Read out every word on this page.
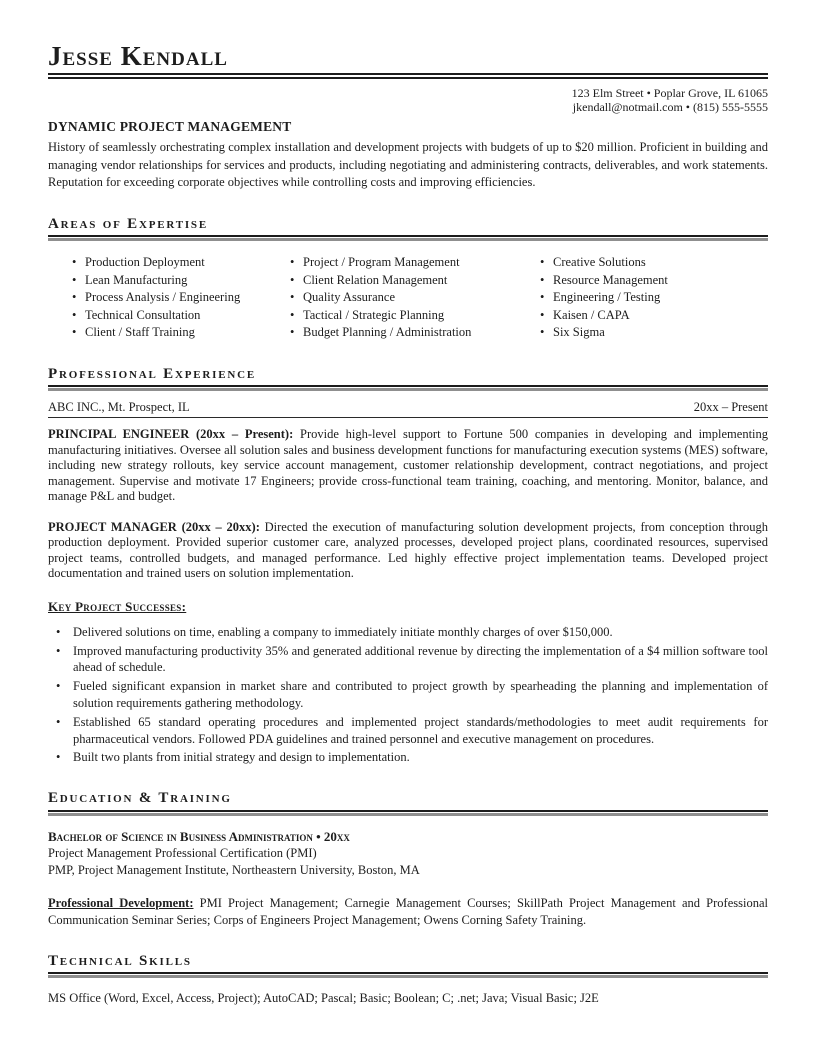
Jesse Kendall
123 Elm Street • Poplar Grove, IL 61065
jkendall@notmail.com • (815) 555-5555
DYNAMIC PROJECT MANAGEMENT

History of seamlessly orchestrating complex installation and development projects with budgets of up to $20 million. Proficient in building and managing vendor relationships for services and products, including negotiating and administering contracts, deliverables, and work statements. Reputation for exceeding corporate objectives while controlling costs and improving efficiencies.

Areas of Expertise
• Production Deployment
• Lean Manufacturing
• Process Analysis / Engineering
• Technical Consultation
• Client / Staff Training
• Project / Program Management
• Client Relation Management
• Quality Assurance
• Tactical / Strategic Planning
• Budget Planning / Administration
• Creative Solutions
• Resource Management
• Engineering / Testing
• Kaisen / CAPA
• Six Sigma
Professional Experience
ABC INC., Mt. Prospect, IL	20xx – Present

PRINCIPAL ENGINEER (20xx – Present): Provide high-level support to Fortune 500 companies in developing and implementing manufacturing initiatives. Oversee all solution sales and business development functions for manufacturing execution systems (MES) software, including new strategy rollouts, key service account management, customer relationship development, contract negotiations, and project management. Supervise and motivate 17 Engineers; provide cross-functional team training, coaching, and mentoring. Monitor, balance, and manage P&L and budget.

PROJECT MANAGER (20xx – 20xx): Directed the execution of manufacturing solution development projects, from conception through production deployment. Provided superior customer care, analyzed processes, developed project plans, coordinated resources, supervised project teams, controlled budgets, and managed performance. Led highly effective project implementation teams. Developed project documentation and trained users on solution implementation.

Key Project Successes:
•	Delivered solutions on time, enabling a company to immediately initiate monthly charges of over $150,000.
•	Improved manufacturing productivity 35% and generated additional revenue by directing the implementation of a $4 million software tool ahead of schedule.
•	Fueled significant expansion in market share and contributed to project growth by spearheading the planning and implementation of solution requirements gathering methodology.
•	Established 65 standard operating procedures and implemented project standards/methodologies to meet audit requirements for pharmaceutical vendors. Followed PDA guidelines and trained personnel and executive management on procedures.
•	Built two plants from initial strategy and design to implementation.
Education & Training
Bachelor of Science in Business Administration • 20xx
Project Management Professional Certification (PMI)
PMP, Project Management Institute, Northeastern University, Boston, MA

Professional Development: PMI Project Management; Carnegie Management Courses; SkillPath Project Management and Professional Communication Seminar Series; Corps of Engineers Project Management; Owens Corning Safety Training.

Technical Skills

MS Office (Word, Excel, Access, Project); AutoCAD; Pascal; Basic; Boolean; C; .net; Java; Visual Basic; J2E
